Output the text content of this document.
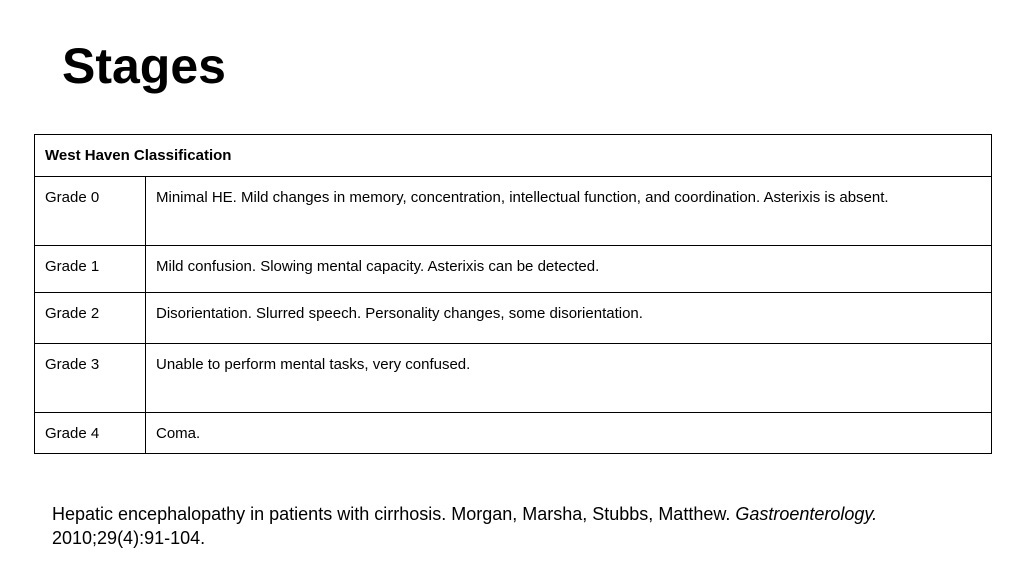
Stages
West Haven Classification	
Grade 0	Minimal HE. Mild changes in memory, concentration, intellectual function, and coordination. Asterixis is absent.
Grade 1	Mild confusion. Slowing mental capacity. Asterixis can be detected.
Grade 2	Disorientation. Slurred speech. Personality changes, some disorientation.
Grade 3	Unable to perform mental tasks, very confused.
Grade 4	Coma.

Hepatic encephalopathy in patients with cirrhosis. Morgan, Marsha, Stubbs, Matthew. Gastroenterology. 2010;29(4):91-104.
